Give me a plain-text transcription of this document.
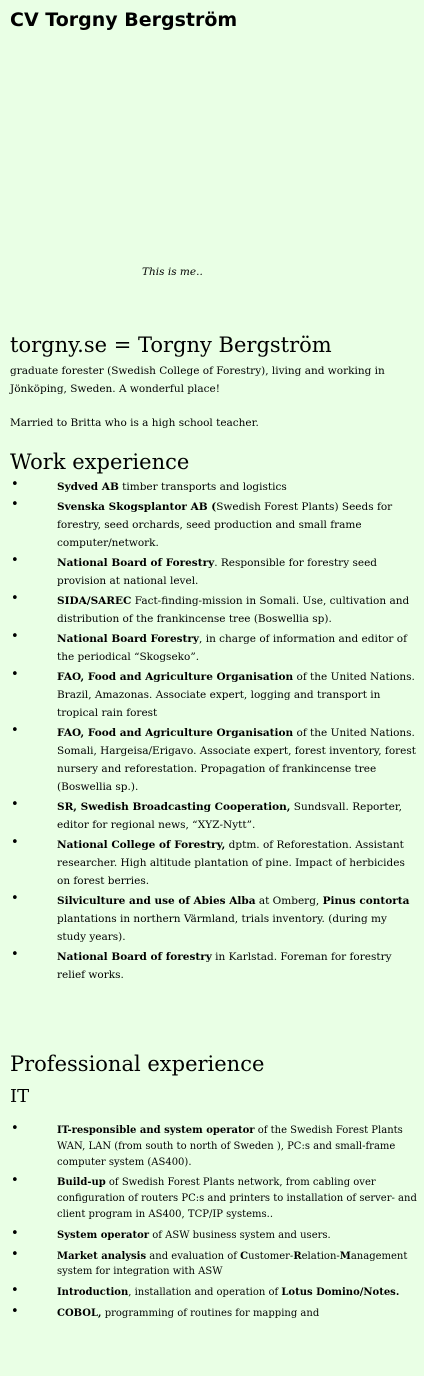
CV Torgny Bergström

This is me..

torgny.se = Torgny Bergström

graduate forester (Swedish College of Forestry), living and working in Jönköping, Sweden. A wonderful place!

Married to Britta who is a high school teacher.

Work experience
• Sydved AB timber transports and logistics
• Svenska Skogsplantor AB (Swedish Forest Plants) Seeds for forestry, seed orchards, seed production and small frame computer/network.
• National Board of Forestry. Responsible for forestry seed provision at national level.
• SIDA/SAREC Fact-finding-mission in Somali. Use, cultivation and distribution of the frankincense tree (Boswellia sp).
• National Board Forestry, in charge of information and editor of the periodical “Skogseko”.
• FAO, Food and Agriculture Organisation of the United Nations. Brazil, Amazonas. Associate expert, logging and transport in tropical rain forest
• FAO, Food and Agriculture Organisation of the United Nations. Somali, Hargeisa/Erigavo. Associate expert, forest inventory, forest nursery and reforestation. Propagation of frankincense tree (Boswellia sp.).
• SR, Swedish Broadcasting Cooperation, Sundsvall. Reporter, editor for regional news, “XYZ-Nytt”.
• National College of Forestry, dptm. of Reforestation. Assistant researcher. High altitude plantation of pine. Impact of herbicides on forest berries.
• Silviculture and use of Abies Alba at Omberg, Pinus contorta plantations in northern Värmland, trials inventory. (during my study years).
• National Board of forestry in Karlstad. Foreman for forestry relief works.
Professional experience
IT
• IT-responsible and system operator of the Swedish Forest Plants WAN, LAN (from south to north of Sweden ), PC:s and small-frame computer system (AS400).
• Build-up of Swedish Forest Plants network, from cabling over configuration of routers PC:s and printers to installation of server- and client program in AS400, TCP/IP systems..
• System operator of ASW business system and users.
• Market analysis and evaluation of Customer-Relation-Management system for integration with ASW
• Introduction, installation and operation of Lotus Domino/Notes.
• COBOL, programming of routines for mapping and
